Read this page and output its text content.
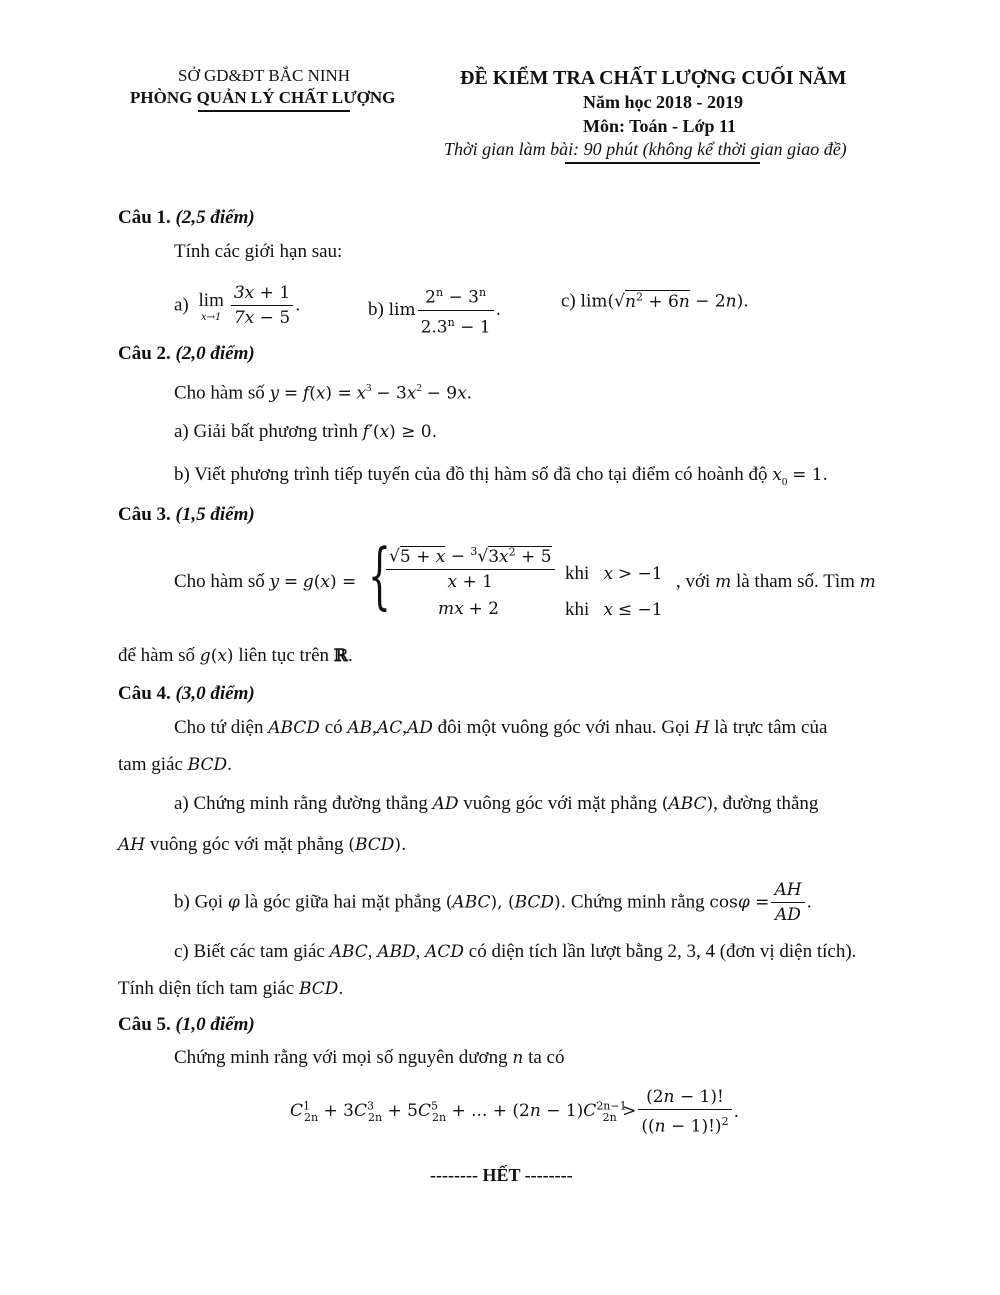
SỞ GD&ĐT BẮC NINH
PHÒNG QUẢN LÝ CHẤT LƯỢNG
ĐỀ KIỂM TRA CHẤT LƯỢNG CUỐI NĂM
Năm học 2018 - 2019
Môn: Toán - Lớp 11
Thời gian làm bài: 90 phút (không kể thời gian giao đề)
Câu 1. (2,5 điểm)
Tính các giới hạn sau:
a) lim
$x\to 1 \frac{3x + 1}{7x - 5}$ .	b) $\lim \frac{2^n - 3^n}{2.3^n - 1}$ .	c) $\lim(√n^2 + 6n - 2n)$.
Câu 2. (2,0 điểm)
Cho hàm số $y = f(x) = x^3 - 3x^2 - 9x$.
a) Giải bất phương trình f′(x) ≥ 0.
b) Viết phương trình tiếp tuyến của đồ thị hàm số đã cho tại điểm có hoành độ $x_0 = 1$.
Câu 3. (1,5 điểm)
Cho hàm số y = g(x) = {
$\frac{√5 + x - ^3√3x^2 + 5}{x + 1}$ khi x > −1
mx + 2	khi x ≤ −1
, với m là tham số. Tìm m
để hàm số g(x) liên tục trên ℝ.
Câu 4. (3,0 điểm)
Cho tứ diện ABCD có AB,AC,AD đôi một vuông góc với nhau. Gọi H là trực tâm của
tam giác BCD.
a) Chứng minh rằng đường thẳng AD vuông góc với mặt phẳng (ABC), đường thẳng
AH vuông góc với mặt phẳng (BCD).
b) Gọi φ là góc giữa hai mặt phẳng (ABC), (BCD). Chứng minh rằng $\cos\varphi = \frac{AH}{AD}$ .
c) Biết các tam giác ABC, ABD, ACD có diện tích lần lượt bằng 2, 3, 4 (đơn vị diện tích).
Tính diện tích tam giác BCD.
Câu 5. (1,0 điểm)
Chứng minh rằng với mọi số nguyên dương n ta có
$C^1_{2n} + 3C^3_{2n} + 5C^5_{2n}$ + ... + $(2n - 1)C^{2n-1}_{2n} > \frac{(2n - 1)!}{((n - 1)!)^2}$ .
-------- HẾT --------
